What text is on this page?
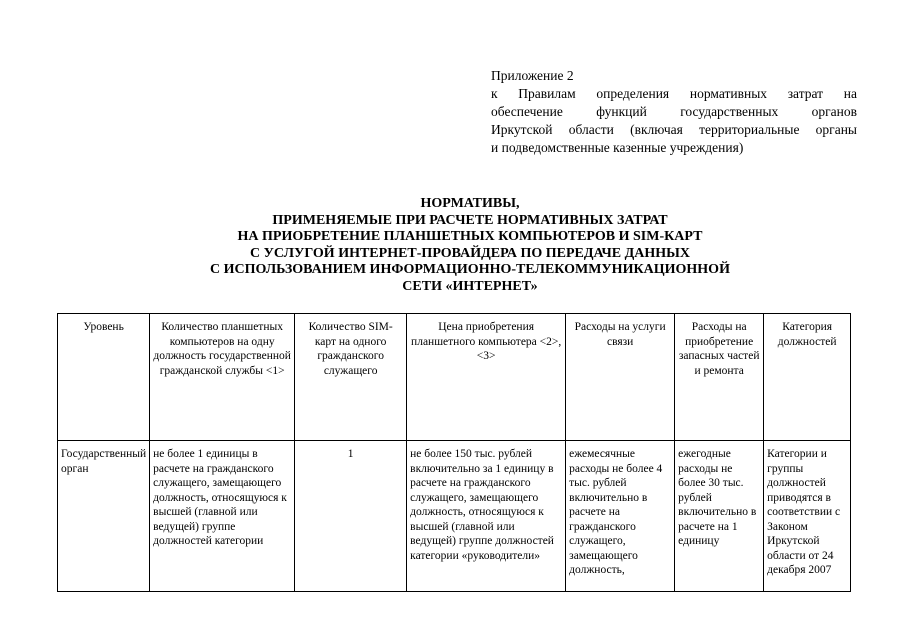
Приложение 2
к Правилам определения нормативных затрат на
обеспечение функций государственных органов
Иркутской области (включая территориальные органы
и подведомственные казенные учреждения)
НОРМАТИВЫ,
ПРИМЕНЯЕМЫЕ ПРИ РАСЧЕТЕ НОРМАТИВНЫХ ЗАТРАТ
НА ПРИОБРЕТЕНИЕ ПЛАНШЕТНЫХ КОМПЬЮТЕРОВ И SIM-КАРТ
С УСЛУГОЙ ИНТЕРНЕТ-ПРОВАЙДЕРА ПО ПЕРЕДАЧЕ ДАННЫХ
С ИСПОЛЬЗОВАНИЕМ ИНФОРМАЦИОННО-ТЕЛЕКОММУНИКАЦИОННОЙ
СЕТИ «ИНТЕРНЕТ»
Уровень	Количество планшетных компьютеров на одну должность государственной гражданской службы <1>	Количество SIM-карт на одного гражданского служащего	Цена приобретения планшетного компьютера <2>, <3>	Расходы на услуги связи	Расходы на приобретение запасных частей и ремонта	Категория должностей
Государственный орган	не более 1 единицы в расчете на гражданского служащего, замещающего должность, относящуюся к высшей (главной или ведущей) группе должностей категории	1	не более 150 тыс. рублей включительно за 1 единицу в расчете на гражданского служащего, замещающего должность, относящуюся к высшей (главной или ведущей) группе должностей категории «руководители»	ежемесячные расходы не более 4 тыс. рублей включительно в расчете на гражданского служащего, замещающего должность,	ежегодные расходы не более 30 тыс. рублей включительно в расчете на 1 единицу	Категории и группы должностей приводятся в соответствии с Законом Иркутской области от 24 декабря 2007
